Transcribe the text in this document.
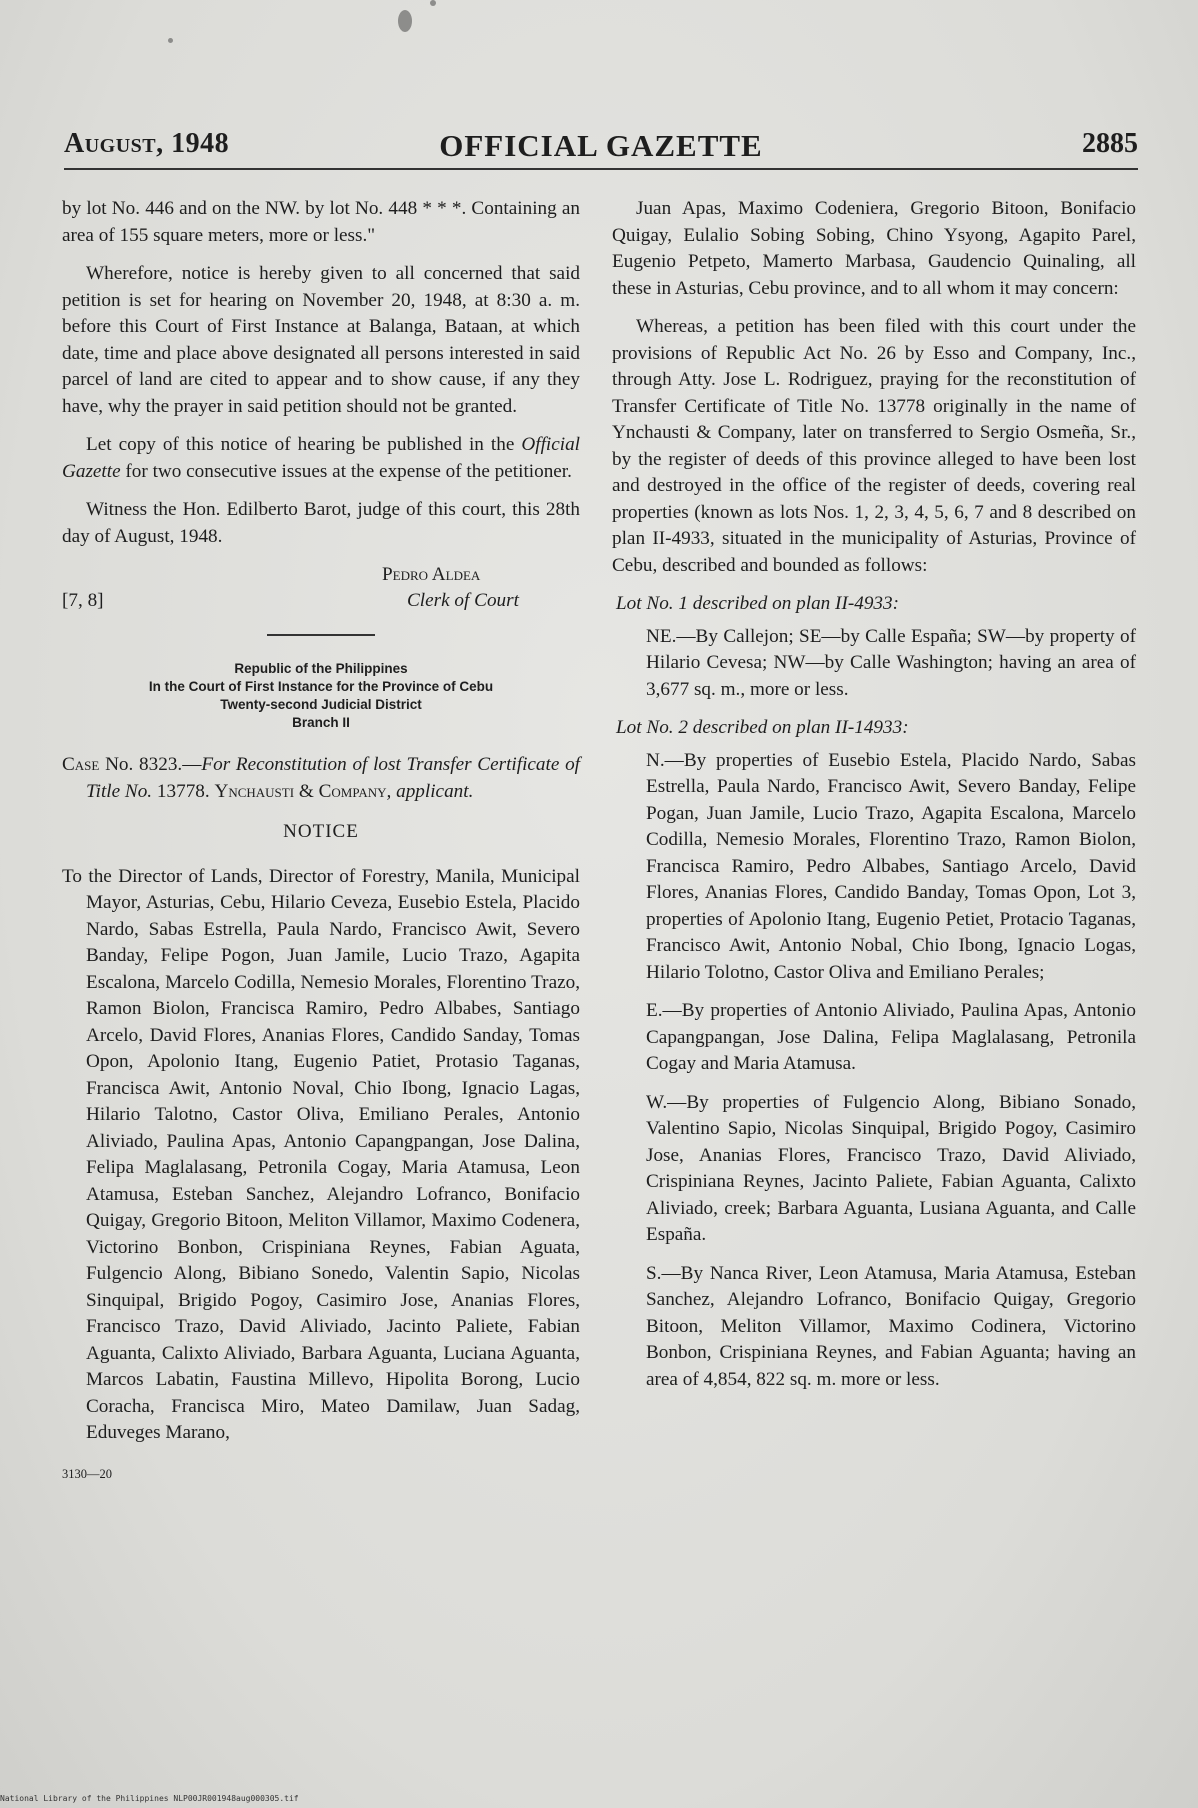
August, 1948	OFFICIAL GAZETTE	2885

by lot No. 446 and on the NW. by lot No. 448 * * *. Containing an area of 155 square meters, more or less."

Wherefore, notice is hereby given to all concerned that said petition is set for hearing on November 20, 1948, at 8:30 a. m. before this Court of First Instance at Balanga, Bataan, at which date, time and place above designated all persons interested in said parcel of land are cited to appear and to show cause, if any they have, why the prayer in said petition should not be granted.

Let copy of this notice of hearing be published in the Official Gazette for two consecutive issues at the expense of the petitioner.

Witness the Hon. Edilberto Barot, judge of this court, this 28th day of August, 1948.

Pedro Aldea
Clerk of Court
[7, 8]
Republic of the Philippines
In the Court of First Instance for the Province of Cebu
Twenty-second Judicial District
Branch II

Case No. 8323.—For Reconstitution of lost Transfer Certificate of Title No. 13778. Ynchausti & Company, applicant.

NOTICE

To the Director of Lands, Director of Forestry, Manila, Municipal Mayor, Asturias, Cebu, Hilario Ceveza, Eusebio Estela, Placido Nardo, Sabas Estrella, Paula Nardo, Francisco Awit, Severo Banday, Felipe Pogon, Juan Jamile, Lucio Trazo, Agapita Escalona, Marcelo Codilla, Nemesio Morales, Florentino Trazo, Ramon Biolon, Francisca Ramiro, Pedro Albabes, Santiago Arcelo, David Flores, Ananias Flores, Candido Sanday, Tomas Opon, Apolonio Itang, Eugenio Patiet, Protasio Taganas, Francisca Awit, Antonio Noval, Chio Ibong, Ignacio Lagas, Hilario Talotno, Castor Oliva, Emiliano Perales, Antonio Aliviado, Paulina Apas, Antonio Capangpangan, Jose Dalina, Felipa Maglalasang, Petronila Cogay, Maria Atamusa, Leon Atamusa, Esteban Sanchez, Alejandro Lofranco, Bonifacio Quigay, Gregorio Bitoon, Meliton Villamor, Maximo Codenera, Victorino Bonbon, Crispiniana Reynes, Fabian Aguata, Fulgencio Along, Bibiano Sonedo, Valentin Sapio, Nicolas Sinquipal, Brigido Pogoy, Casimiro Jose, Ananias Flores, Francisco Trazo, David Aliviado, Jacinto Paliete, Fabian Aguanta, Calixto Aliviado, Barbara Aguanta, Luciana Aguanta, Marcos Labatin, Faustina Millevo, Hipolita Borong, Lucio Coracha, Francisca Miro, Mateo Damilaw, Juan Sadag, Eduveges Marano,

3130—20

Juan Apas, Maximo Codeniera, Gregorio Bitoon, Bonifacio Quigay, Eulalio Sobing Sobing, Chino Ysyong, Agapito Parel, Eugenio Petpeto, Mamerto Marbasa, Gaudencio Quinaling, all these in Asturias, Cebu province, and to all whom it may concern:

Whereas, a petition has been filed with this court under the provisions of Republic Act No. 26 by Esso and Company, Inc., through Atty. Jose L. Rodriguez, praying for the reconstitution of Transfer Certificate of Title No. 13778 originally in the name of Ynchausti & Company, later on transferred to Sergio Osmeña, Sr., by the register of deeds of this province alleged to have been lost and destroyed in the office of the register of deeds, covering real properties (known as lots Nos. 1, 2, 3, 4, 5, 6, 7 and 8 described on plan II-4933, situated in the municipality of Asturias, Province of Cebu, described and bounded as follows:

Lot No. 1 described on plan II-4933:

NE.—By Callejon; SE—by Calle España; SW—by property of Hilario Cevesa; NW—by Calle Washington; having an area of 3,677 sq. m., more or less.

Lot No. 2 described on plan II-14933:

N.—By properties of Eusebio Estela, Placido Nardo, Sabas Estrella, Paula Nardo, Francisco Awit, Severo Banday, Felipe Pogan, Juan Jamile, Lucio Trazo, Agapita Escalona, Marcelo Codilla, Nemesio Morales, Florentino Trazo, Ramon Biolon, Francisca Ramiro, Pedro Albabes, Santiago Arcelo, David Flores, Ananias Flores, Candido Banday, Tomas Opon, Lot 3, properties of Apolonio Itang, Eugenio Petiet, Protacio Taganas, Francisco Awit, Antonio Nobal, Chio Ibong, Ignacio Logas, Hilario Tolotno, Castor Oliva and Emiliano Perales;

E.—By properties of Antonio Aliviado, Paulina Apas, Antonio Capangpangan, Jose Dalina, Felipa Maglalasang, Petronila Cogay and Maria Atamusa.

W.—By properties of Fulgencio Along, Bibiano Sonado, Valentino Sapio, Nicolas Sinquipal, Brigido Pogoy, Casimiro Jose, Ananias Flores, Francisco Trazo, David Aliviado, Crispiniana Reynes, Jacinto Paliete, Fabian Aguanta, Calixto Aliviado, creek; Barbara Aguanta, Lusiana Aguanta, and Calle España.

S.—By Nanca River, Leon Atamusa, Maria Atamusa, Esteban Sanchez, Alejandro Lofranco, Bonifacio Quigay, Gregorio Bitoon, Meliton Villamor, Maximo Codinera, Victorino Bonbon, Crispiniana Reynes, and Fabian Aguanta; having an area of 4,854, 822 sq. m. more or less.

National Library of the Philippines NLP00JR001948aug000305.tif
